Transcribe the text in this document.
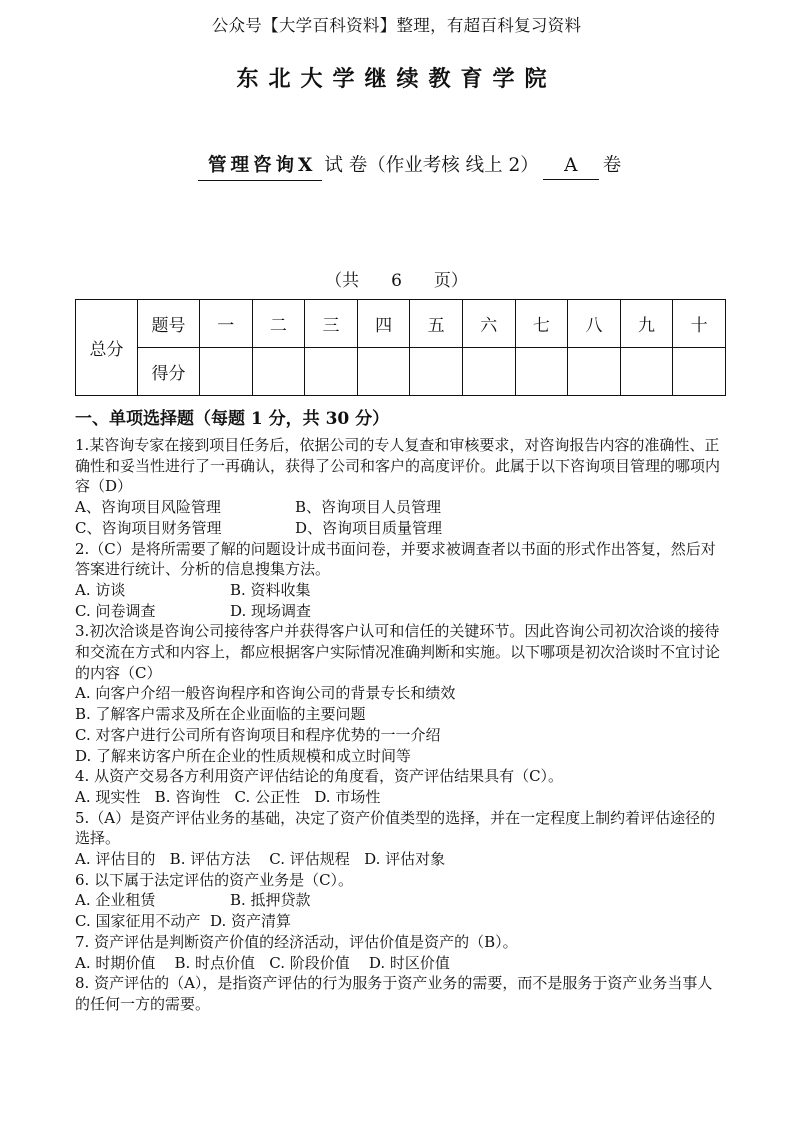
公众号【大学百科资料】整理，有超百科复习资料
东北大学继续教育学院
管理咨询X 试 卷（作业考核 线上 2） A 卷
（共 6 页）
总分	题号	一	二	三	四	五	六	七	八	九	十
	得分										
一、单项选择题（每题 1 分，共 30 分）

1.某咨询专家在接到项目任务后，依据公司的专人复查和审核要求，对咨询报告内容的准确性、正确性和妥当性进行了一再确认，获得了公司和客户的高度评价。此属于以下咨询项目管理的哪项内容（D）

A、咨询项目风险管理	B、咨询项目人员管理
C、咨询项目财务管理	D、咨询项目质量管理

2.（C）是将所需要了解的问题设计成书面问卷，并要求被调查者以书面的形式作出答复，然后对答案进行统计、分析的信息搜集方法。

A. 访谈	B. 资料收集
C. 问卷调查	D. 现场调查

3.初次洽谈是咨询公司接待客户并获得客户认可和信任的关键环节。因此咨询公司初次洽谈的接待和交流在方式和内容上，都应根据客户实际情况准确判断和实施。以下哪项是初次洽谈时不宜讨论的内容（C）

A. 向客户介绍一般咨询程序和咨询公司的背景专长和绩效

B. 了解客户需求及所在企业面临的主要问题

C. 对客户进行公司所有咨询项目和程序优势的一一介绍

D. 了解来访客户所在企业的性质规模和成立时间等

4. 从资产交易各方利用资产评估结论的角度看，资产评估结果具有（C）。

A. 现实性   B. 咨询性   C. 公正性   D. 市场性

5.（A）是资产评估业务的基础，决定了资产价值类型的选择，并在一定程度上制约着评估途径的选择。

A. 评估目的   B. 评估方法    C. 评估规程   D. 评估对象

6. 以下属于法定评估的资产业务是（C）。

A. 企业租赁	B. 抵押贷款
C. 国家征用不动产  D. 资产清算

7. 资产评估是判断资产价值的经济活动，评估价值是资产的（B）。

A. 时期价值    B. 时点价值   C. 阶段价值    D. 时区价值

8. 资产评估的（A），是指资产评估的行为服务于资产业务的需要，而不是服务于资产业务当事人的任何一方的需要。
